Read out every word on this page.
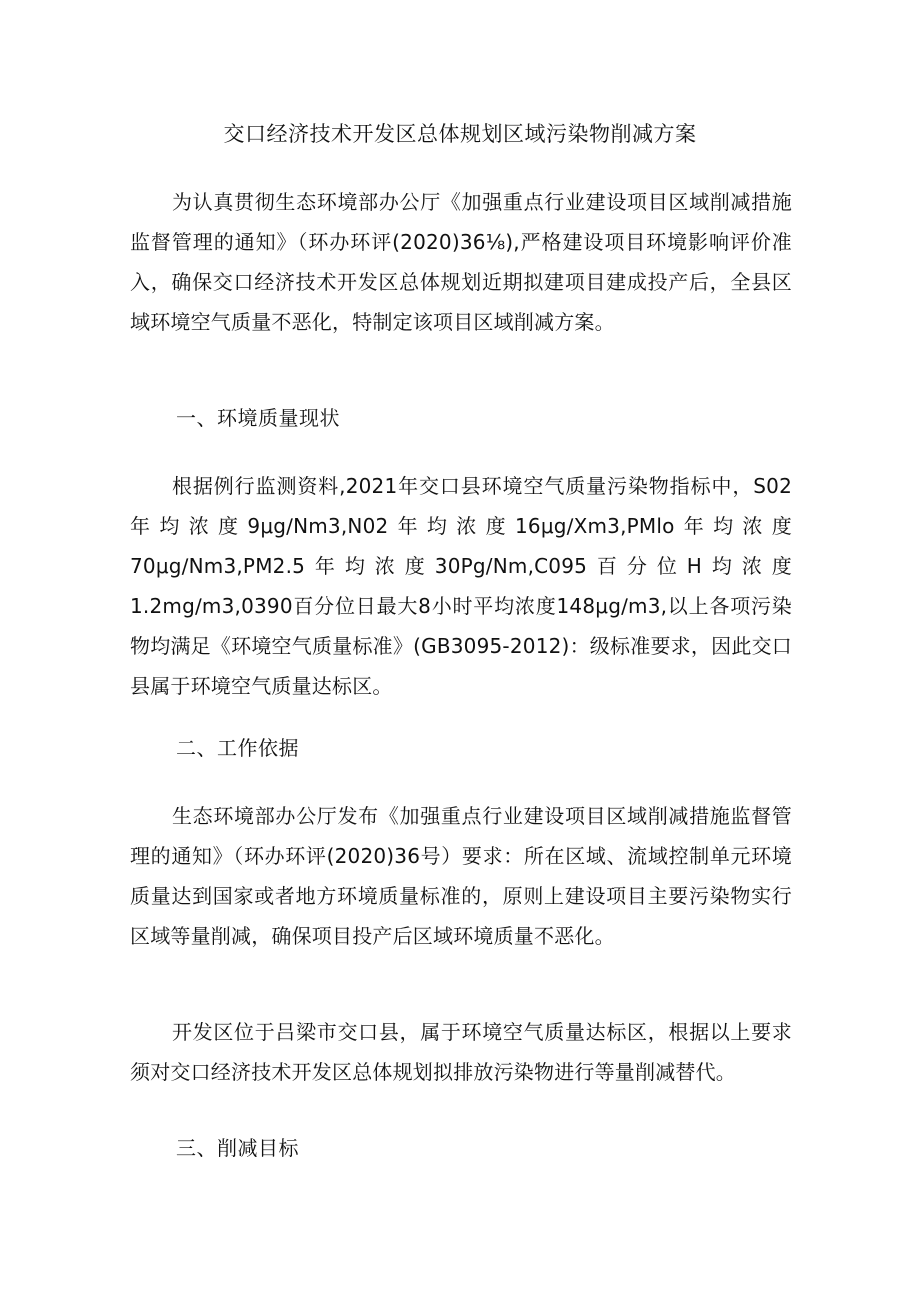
交口经济技术开发区总体规划区域污染物削减方案
为认真贯彻生态环境部办公厅《加强重点行业建设项目区域削减措施监督管理的通知》（环办环评(2020)36⅛),严格建设项目环境影响评价准入，确保交口经济技术开发区总体规划近期拟建项目建成投产后，全县区域环境空气质量不恶化，特制定该项目区域削减方案。
一、环境质量现状
根据例行监测资料,2021年交口县环境空气质量污染物指标中，S02年均浓度9μg∕Nm3,N02年均浓度16μg∕Xm3,PMlo年均浓度70μg∕Nm3,PM2.5年均浓度30Pg/Nm,C095百分位H均浓度1.2mg∕m3,0390百分位日最大8小时平均浓度148μg∕m3,以上各项污染物均满足《环境空气质量标准》(GB3095-2012)：级标准要求，因此交口县属于环境空气质量达标区。
二、工作依据
生态环境部办公厅发布《加强重点行业建设项目区域削减措施监督管理的通知》（环办环评(2020)36号）要求：所在区域、流域控制单元环境质量达到国家或者地方环境质量标准的，原则上建设项目主要污染物实行区域等量削减，确保项目投产后区域环境质量不恶化。
开发区位于吕梁市交口县，属于环境空气质量达标区，根据以上要求须对交口经济技术开发区总体规划拟排放污染物进行等量削减替代。
三、削减目标
